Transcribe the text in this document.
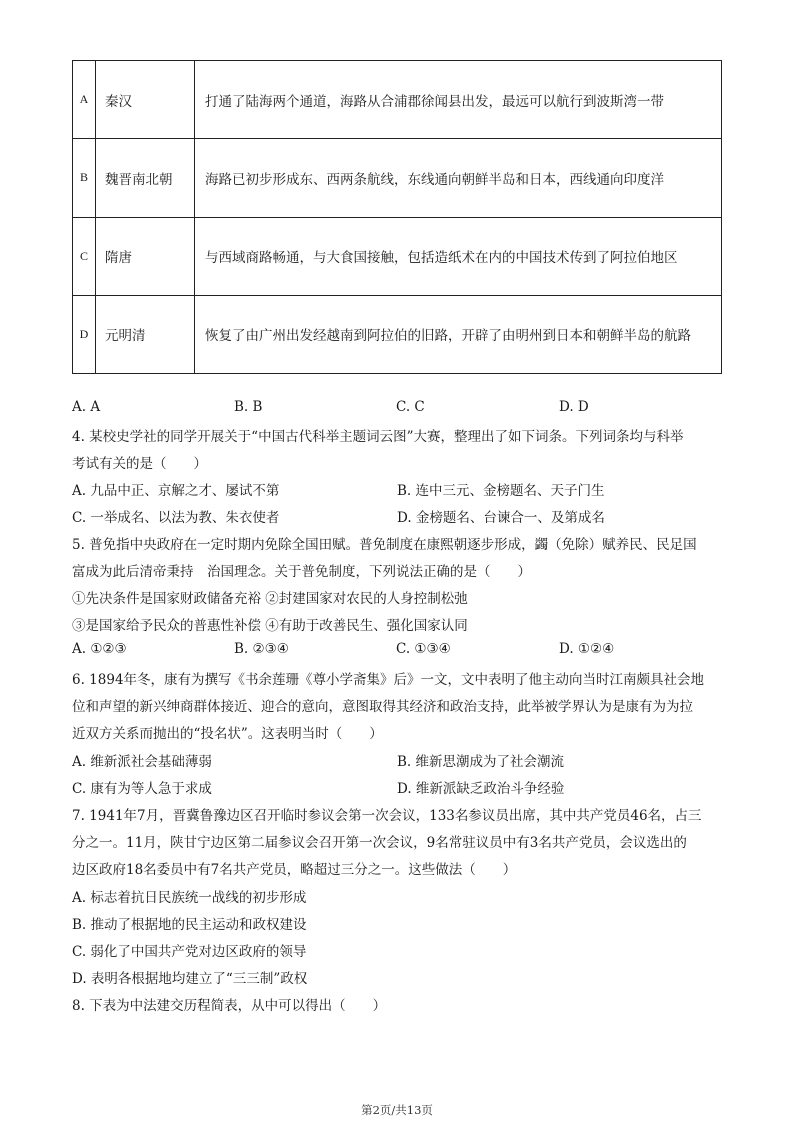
A	秦汉	打通了陆海两个通道，海路从合浦郡徐闻县出发，最远可以航行到波斯湾一带
B	魏晋南北朝	海路已初步形成东、西两条航线，东线通向朝鲜半岛和日本，西线通向印度洋
C	隋唐	与西域商路畅通，与大食国接触，包括造纸术在内的中国技术传到了阿拉伯地区
D	元明清	恢复了由广州出发经越南到阿拉伯的旧路，开辟了由明州到日本和朝鲜半岛的航路
A. A	B. B	C. C	D. D
4. 某校史学社的同学开展关于“中国古代科举主题词云图”大赛，整理出了如下词条。下列词条均与科举
考试有关的是（　　）
A. 九品中正、京解之才、屡试不第	B. 连中三元、金榜题名、天子门生
C. 一举成名、以法为教、朱衣使者	D. 金榜题名、台谏合一、及第成名
5. 普免指中央政府在一定时期内免除全国田赋。普免制度在康熙朝逐步形成，蠲（免除）赋养民、民足国
富成为此后清帝秉持　治国理念。关于普免制度，下列说法正确的是（　　）
①先决条件是国家财政储备充裕 ②封建国家对农民的人身控制松弛
③是国家给予民众的普惠性补偿 ④有助于改善民生、强化国家认同
A. ①②③	B. ②③④	C. ①③④	D. ①②④
6. 1894年冬，康有为撰写《书余莲珊《尊小学斋集》后》一文，文中表明了他主动向当时江南颇具社会地
位和声望的新兴绅商群体接近、迎合的意向，意图取得其经济和政治支持，此举被学界认为是康有为为拉
近双方关系而抛出的“投名状”。这表明当时（　　）
A. 维新派社会基础薄弱	B. 维新思潮成为了社会潮流
C. 康有为等人急于求成	D. 维新派缺乏政治斗争经验
7. 1941年7月，晋冀鲁豫边区召开临时参议会第一次会议，133名参议员出席，其中共产党员46名，占三
分之一。11月，陕甘宁边区第二届参议会召开第一次会议，9名常驻议员中有3名共产党员，会议选出的
边区政府18名委员中有7名共产党员，略超过三分之一。这些做法（　　）
A. 标志着抗日民族统一战线的初步形成
B. 推动了根据地的民主运动和政权建设
C. 弱化了中国共产党对边区政府的领导
D. 表明各根据地均建立了“三三制”政权
8. 下表为中法建交历程简表，从中可以得出（　　）
第2页/共13页
